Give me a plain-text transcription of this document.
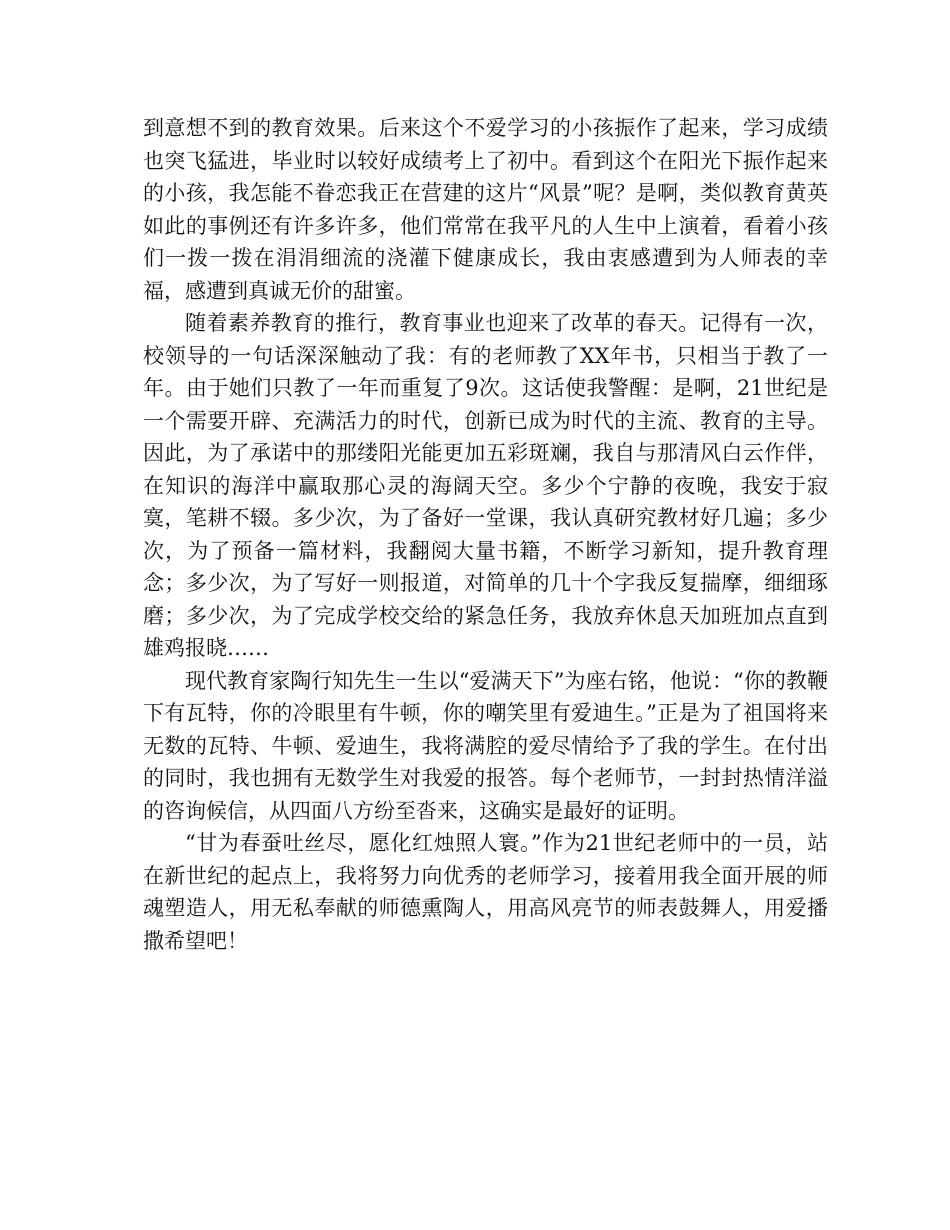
到意想不到的教育效果。后来这个不爱学习的小孩振作了起来，学习成绩也突飞猛进，毕业时以较好成绩考上了初中。看到这个在阳光下振作起来的小孩，我怎能不眷恋我正在营建的这片“风景”呢？是啊，类似教育黄英如此的事例还有许多许多，他们常常在我平凡的人生中上演着，看着小孩们一拨一拨在涓涓细流的浇灌下健康成长，我由衷感遭到为人师表的幸福，感遭到真诚无价的甜蜜。

随着素养教育的推行，教育事业也迎来了改革的春天。记得有一次，校领导的一句话深深触动了我：有的老师教了XX年书，只相当于教了一年。由于她们只教了一年而重复了9次。这话使我警醒：是啊，21世纪是一个需要开辟、充满活力的时代，创新已成为时代的主流、教育的主导。因此，为了承诺中的那缕阳光能更加五彩斑斓，我自与那清风白云作伴，在知识的海洋中赢取那心灵的海阔天空。多少个宁静的夜晚，我安于寂寞，笔耕不辍。多少次，为了备好一堂课，我认真研究教材好几遍；多少次，为了预备一篇材料，我翻阅大量书籍，不断学习新知，提升教育理念；多少次，为了写好一则报道，对简单的几十个字我反复揣摩，细细琢磨；多少次，为了完成学校交给的紧急任务，我放弃休息天加班加点直到雄鸡报晓……

现代教育家陶行知先生一生以“爱满天下”为座右铭，他说：“你的教鞭下有瓦特，你的冷眼里有牛顿，你的嘲笑里有爱迪生。”正是为了祖国将来无数的瓦特、牛顿、爱迪生，我将满腔的爱尽情给予了我的学生。在付出的同时，我也拥有无数学生对我爱的报答。每个老师节，一封封热情洋溢的咨询候信，从四面八方纷至沓来，这确实是最好的证明。

“甘为春蚕吐丝尽，愿化红烛照人寰。”作为21世纪老师中的一员，站在新世纪的起点上，我将努力向优秀的老师学习，接着用我全面开展的师魂塑造人，用无私奉献的师德熏陶人，用高风亮节的师表鼓舞人，用爱播撒希望吧！
